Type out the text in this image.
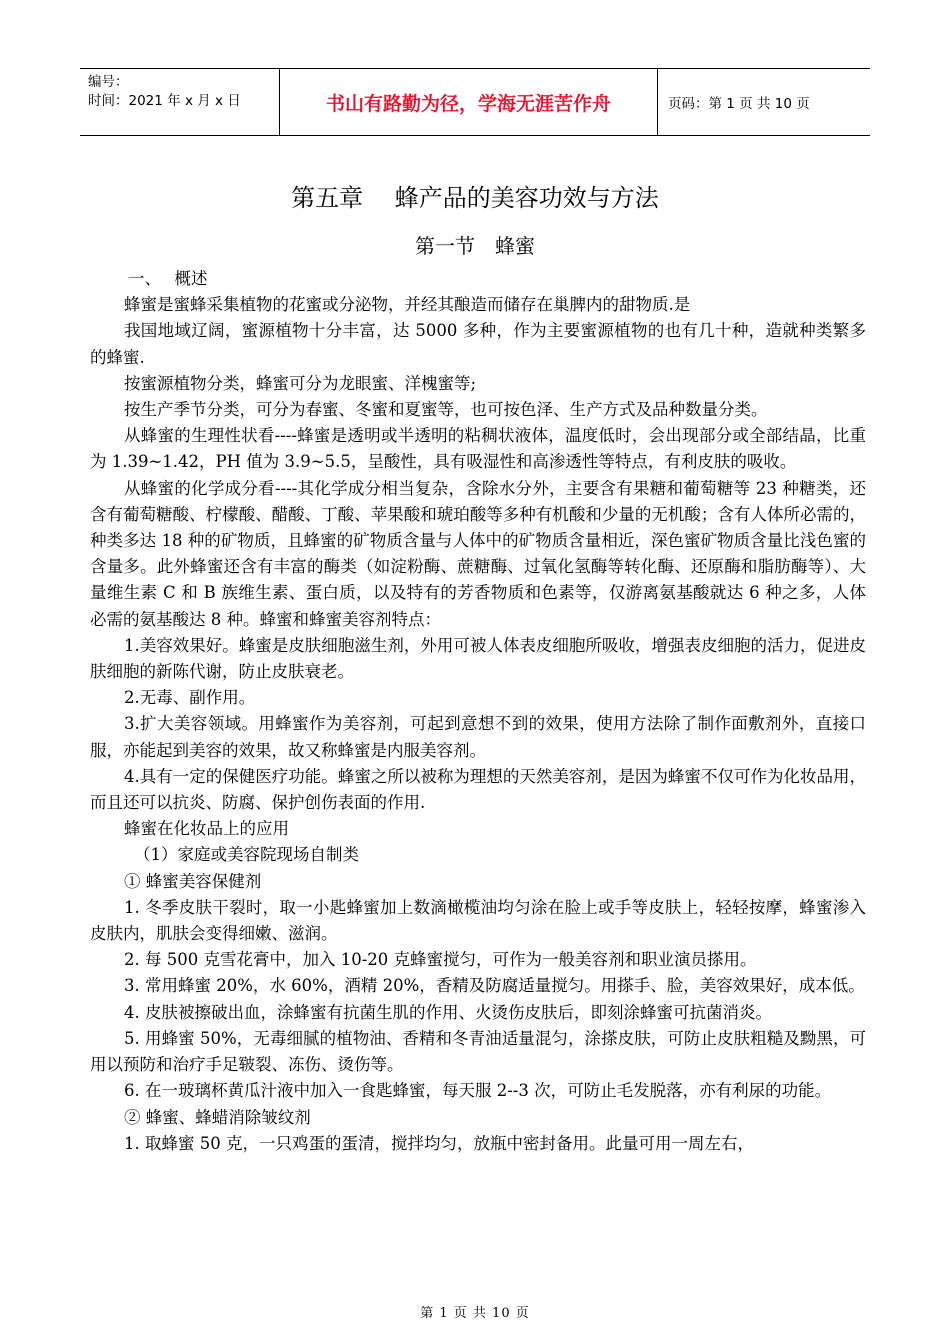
编号：
时间：2021 年 x 月 x 日	书山有路勤为径，学海无涯苦作舟	页码：第 1 页 共 10 页
第五章　 蜂产品的美容功效与方法
第一节　蜂蜜

一、　 概述

蜂蜜是蜜蜂采集植物的花蜜或分泌物，并经其酿造而储存在巢脾内的甜物质.是

我国地域辽阔，蜜源植物十分丰富，达 5000 多种，作为主要蜜源植物的也有几十种，造就种类繁多的蜂蜜.

按蜜源植物分类，蜂蜜可分为龙眼蜜、洋槐蜜等;

按生产季节分类，可分为春蜜、冬蜜和夏蜜等，也可按色泽、生产方式及品种数量分类。

从蜂蜜的生理性状看----蜂蜜是透明或半透明的粘稠状液体，温度低时，会出现部分或全部结晶，比重为 1.39~1.42，PH 值为 3.9~5.5，呈酸性，具有吸湿性和高渗透性等特点，有利皮肤的吸收。

从蜂蜜的化学成分看----其化学成分相当复杂，含除水分外，主要含有果糖和葡萄糖等 23 种糖类，还含有葡萄糖酸、柠檬酸、醋酸、丁酸、苹果酸和琥珀酸等多种有机酸和少量的无机酸；含有人体所必需的，种类多达 18 种的矿物质，且蜂蜜的矿物质含量与人体中的矿物质含量相近，深色蜜矿物质含量比浅色蜜的含量多。此外蜂蜜还含有丰富的酶类（如淀粉酶、蔗糖酶、过氧化氢酶等转化酶、还原酶和脂肪酶等）、大量维生素 C 和 B 族维生素、蛋白质，以及特有的芳香物质和色素等，仅游离氨基酸就达 6 种之多，人体必需的氨基酸达 8 种。蜂蜜和蜂蜜美容剂特点：

1.美容效果好。蜂蜜是皮肤细胞滋生剂，外用可被人体表皮细胞所吸收，增强表皮细胞的活力，促进皮肤细胞的新陈代谢，防止皮肤衰老。

2.无毒、副作用。

3.扩大美容领域。用蜂蜜作为美容剂，可起到意想不到的效果，使用方法除了制作面敷剂外，直接口服，亦能起到美容的效果，故又称蜂蜜是内服美容剂。

4.具有一定的保健医疗功能。蜂蜜之所以被称为理想的天然美容剂，是因为蜂蜜不仅可作为化妆品用，而且还可以抗炎、防腐、保护创伤表面的作用.

蜂蜜在化妆品上的应用

（1）家庭或美容院现场自制类

① 蜂蜜美容保健剂

1. 冬季皮肤干裂时，取一小匙蜂蜜加上数滴橄榄油均匀涂在脸上或手等皮肤上，轻轻按摩，蜂蜜渗入皮肤内，肌肤会变得细嫩、滋润。

2. 每 500 克雪花膏中，加入 10-20 克蜂蜜搅匀，可作为一般美容剂和职业演员搽用。

3. 常用蜂蜜 20%，水 60%，酒精 20%，香精及防腐适量搅匀。用搽手、脸，美容效果好，成本低。

4. 皮肤被擦破出血，涂蜂蜜有抗菌生肌的作用、火烫伤皮肤后，即刻涂蜂蜜可抗菌消炎。

5. 用蜂蜜 50%，无毒细腻的植物油、香精和冬青油适量混匀，涂搽皮肤，可防止皮肤粗糙及黝黑，可用以预防和治疗手足皲裂、冻伤、烫伤等。

6. 在一玻璃杯黄瓜汁液中加入一食匙蜂蜜，每天服 2--3 次，可防止毛发脱落，亦有利尿的功能。

② 蜂蜜、蜂蜡消除皱纹剂

1. 取蜂蜜 50 克，一只鸡蛋的蛋清，搅拌均匀，放瓶中密封备用。此量可用一周左右，

第 1 页 共 10 页
